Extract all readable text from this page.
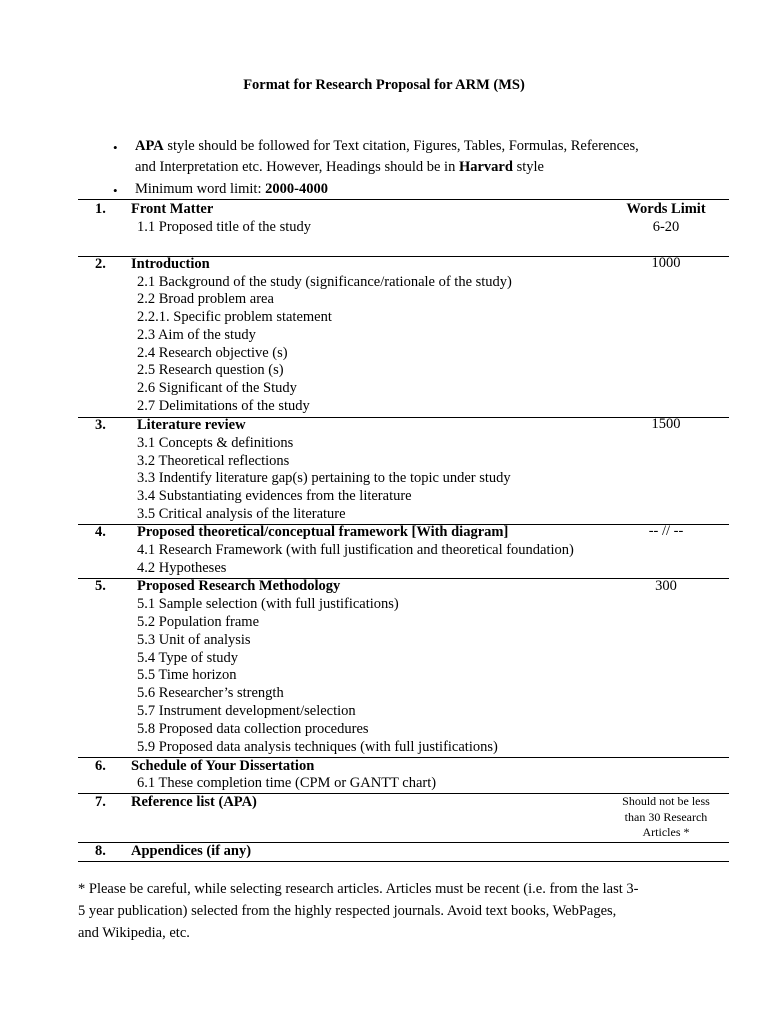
Format for Research Proposal for ARM (MS)
• APA style should be followed for Text citation, Figures, Tables, Formulas, References,
and Interpretation etc. However, Headings should be in Harvard style
• Minimum word limit: 2000-4000
1. Front Matter	Words Limit
1.1 Proposed title of the study	6-20
2. Introduction	1000
2.1 Background of the study (significance/rationale of the study)
2.2 Broad problem area
2.2.1. Specific problem statement
2.3 Aim of the study
2.4 Research objective (s)
2.5 Research question (s)
2.6 Significant of the Study
2.7 Delimitations of the study
3. Literature review	1500
3.1 Concepts & definitions
3.2 Theoretical reflections
3.3 Indentify literature gap(s) pertaining to the topic under study
3.4 Substantiating evidences from the literature
3.5 Critical analysis of the literature
4. Proposed theoretical/conceptual framework [With diagram]	-- // --
4.1 Research Framework (with full justification and theoretical foundation)
4.2 Hypotheses
5. Proposed Research Methodology	300
5.1 Sample selection (with full justifications)
5.2 Population frame
5.3 Unit of analysis
5.4 Type of study
5.5 Time horizon
5.6 Researcher’s strength
5.7 Instrument development/selection
5.8 Proposed data collection procedures
5.9 Proposed data analysis techniques (with full justifications)
6. Schedule of Your Dissertation
6.1 These completion time (CPM or GANTT chart)
7. Reference list (APA)	Should not be less
than 30 Research
Articles *
8. Appendices (if any)
* Please be careful, while selecting research articles. Articles must be recent (i.e. from the last 3-
5 year publication) selected from the highly respected journals. Avoid text books, WebPages,
and Wikipedia, etc.
